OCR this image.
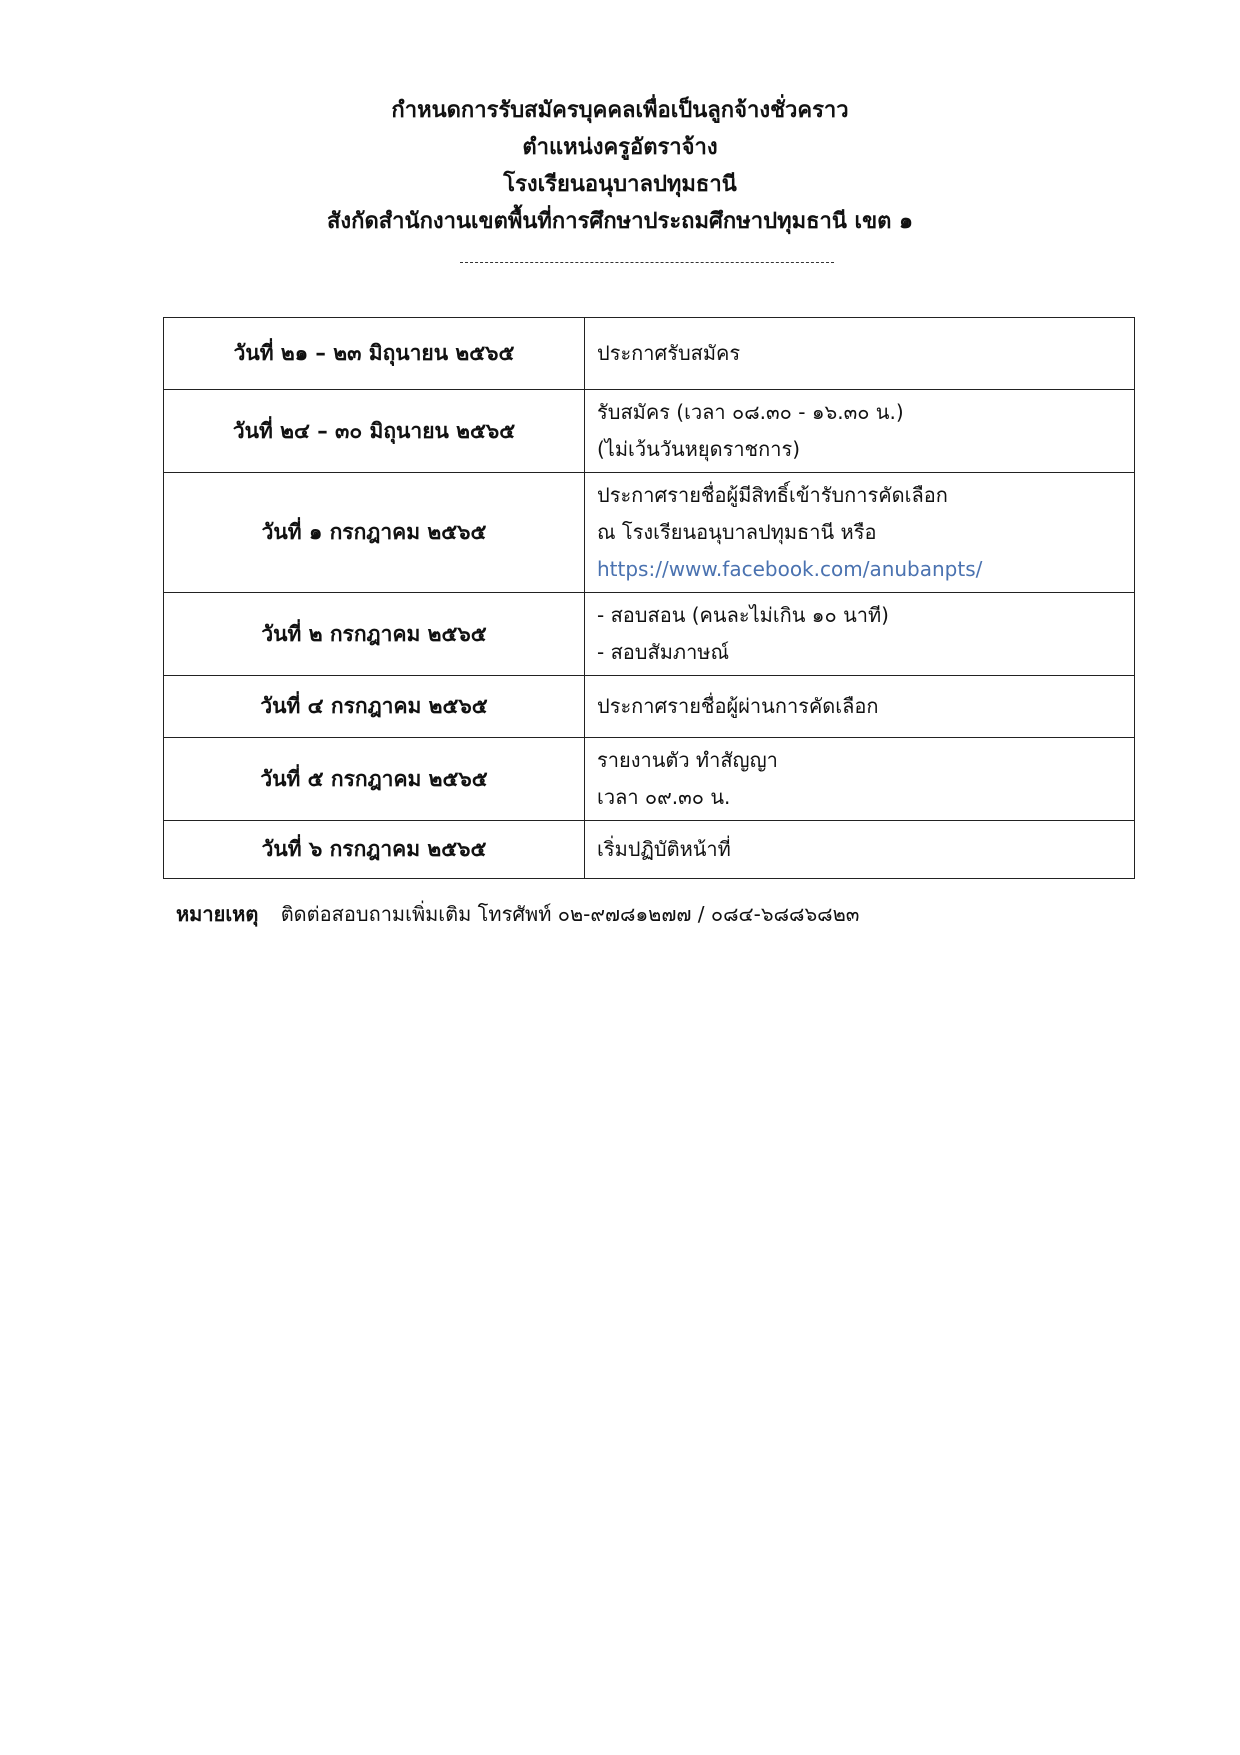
กำหนดการรับสมัครบุคคลเพื่อเป็นลูกจ้างชั่วคราว
ตำแหน่งครูอัตราจ้าง
โรงเรียนอนุบาลปทุมธานี
สังกัดสำนักงานเขตพื้นที่การศึกษาประถมศึกษาปทุมธานี เขต ๑
วันที่ ๒๑ – ๒๓ มิถุนายน ๒๕๖๕	ประกาศรับสมัคร

วันที่ ๒๔ – ๓๐ มิถุนายน ๒๕๖๕	รับสมัคร (เวลา ๐๘.๓๐ - ๑๖.๓๐ น.)
(ไม่เว้นวันหยุดราชการ)

วันที่ ๑ กรกฎาคม ๒๕๖๕	ประกาศรายชื่อผู้มีสิทธิ์เข้ารับการคัดเลือก
ณ โรงเรียนอนุบาลปทุมธานี หรือ
https://www.facebook.com/anubanpts/

วันที่ ๒ กรกฎาคม ๒๕๖๕	- สอบสอน (คนละไม่เกิน ๑๐ นาที)
- สอบสัมภาษณ์

วันที่ ๔ กรกฎาคม ๒๕๖๕	ประกาศรายชื่อผู้ผ่านการคัดเลือก

วันที่ ๕ กรกฎาคม ๒๕๖๕	รายงานตัว ทำสัญญา
เวลา ๐๙.๓๐ น.

วันที่ ๖ กรกฎาคม ๒๕๖๕	เริ่มปฏิบัติหน้าที่
หมายเหตุ ติดต่อสอบถามเพิ่มเติม โทรศัพท์ ๐๒-๙๗๘๑๒๗๗ / ๐๘๔-๖๘๘๖๘๒๓
